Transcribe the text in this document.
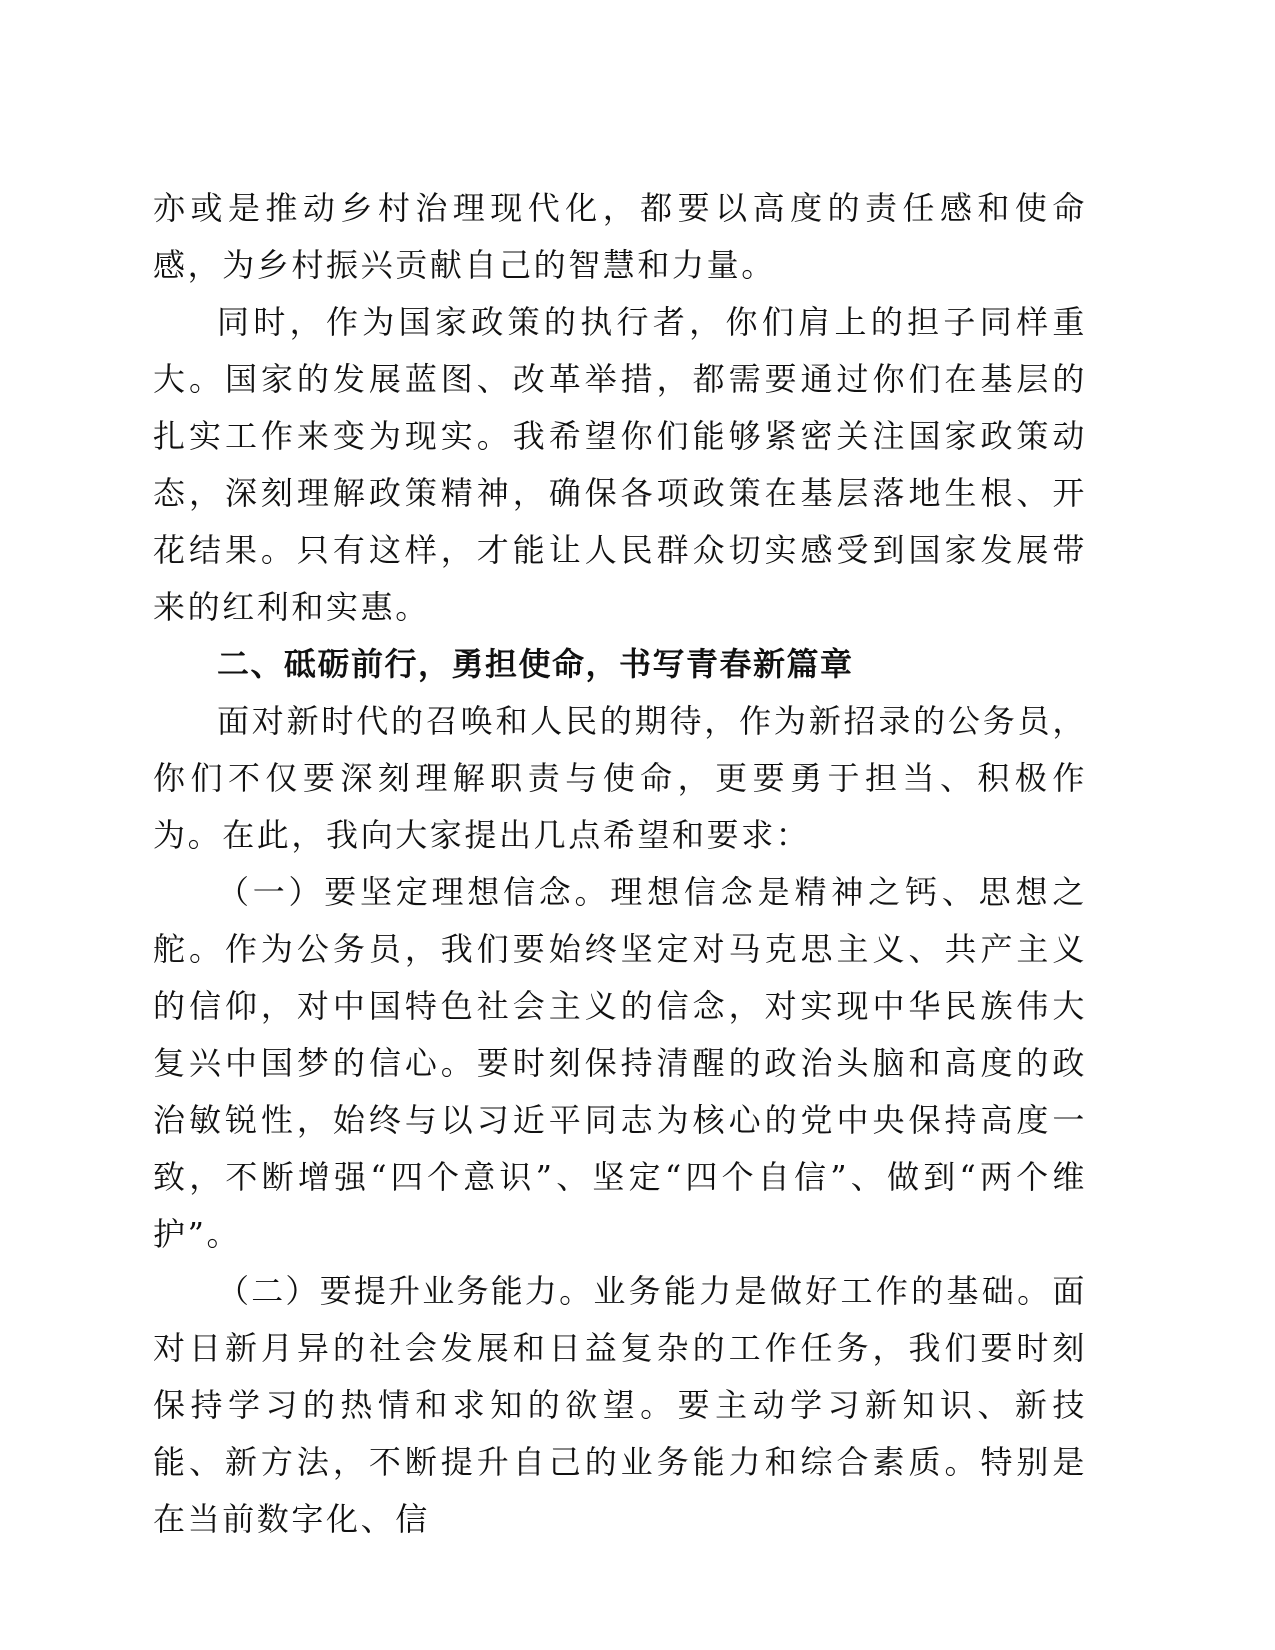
亦或是推动乡村治理现代化，都要以高度的责任感和使命感，为乡村振兴贡献自己的智慧和力量。

同时，作为国家政策的执行者，你们肩上的担子同样重大。国家的发展蓝图、改革举措，都需要通过你们在基层的扎实工作来变为现实。我希望你们能够紧密关注国家政策动态，深刻理解政策精神，确保各项政策在基层落地生根、开花结果。只有这样，才能让人民群众切实感受到国家发展带来的红利和实惠。

二、砥砺前行，勇担使命，书写青春新篇章

面对新时代的召唤和人民的期待，作为新招录的公务员，你们不仅要深刻理解职责与使命，更要勇于担当、积极作为。在此，我向大家提出几点希望和要求：

（一）要坚定理想信念。理想信念是精神之钙、思想之舵。作为公务员，我们要始终坚定对马克思主义、共产主义的信仰，对中国特色社会主义的信念，对实现中华民族伟大复兴中国梦的信心。要时刻保持清醒的政治头脑和高度的政治敏锐性，始终与以习近平同志为核心的党中央保持高度一致，不断增强“四个意识”、坚定“四个自信”、做到“两个维护”。

（二）要提升业务能力。业务能力是做好工作的基础。面对日新月异的社会发展和日益复杂的工作任务，我们要时刻保持学习的热情和求知的欲望。要主动学习新知识、新技能、新方法，不断提升自己的业务能力和综合素质。特别是在当前数字化、信
